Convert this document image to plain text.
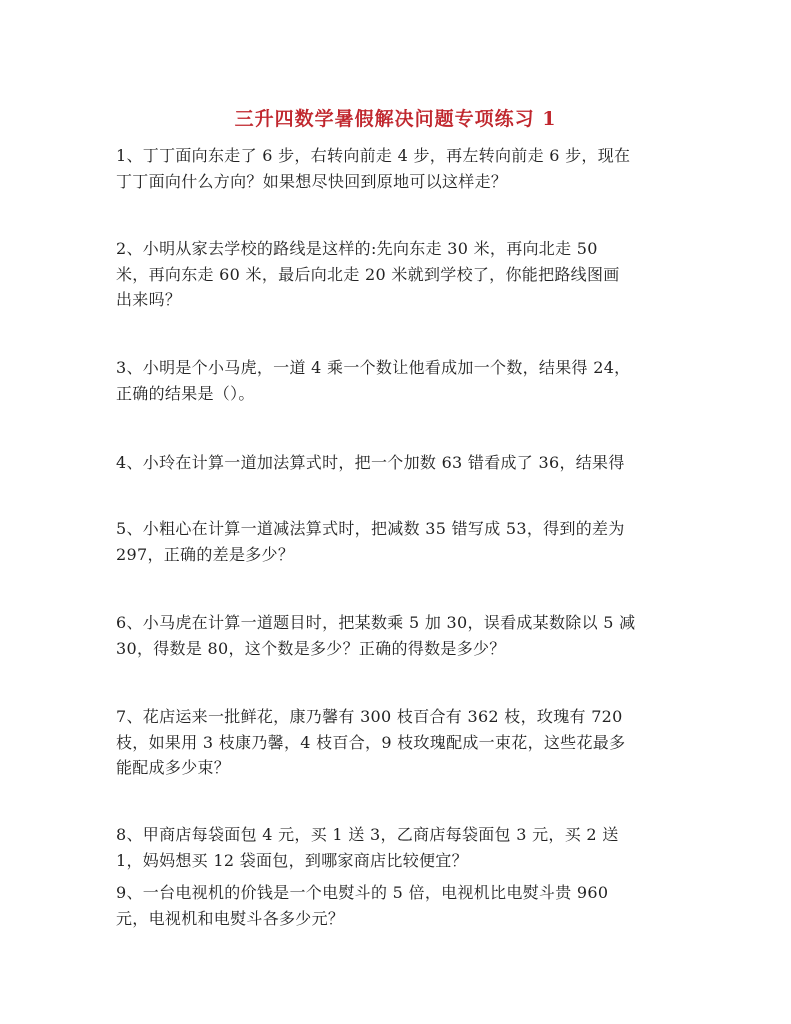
三升四数学暑假解决问题专项练习 1
1、丁丁面向东走了 6 步，右转向前走 4 步，再左转向前走 6 步，现在
丁丁面向什么方向？如果想尽快回到原地可以这样走？
2、小明从家去学校的路线是这样的:先向东走 30 米，再向北走 50
米，再向东走 60 米，最后向北走 20 米就到学校了，你能把路线图画
出来吗？
3、小明是个小马虎，一道 4 乘一个数让他看成加一个数，结果得 24，
正确的结果是（）。
4、小玲在计算一道加法算式时，把一个加数 63 错看成了 36，结果得
5、小粗心在计算一道减法算式时，把减数 35 错写成 53，得到的差为
297，正确的差是多少？
6、小马虎在计算一道题目时，把某数乘 5 加 30，误看成某数除以 5 减
30，得数是 80，这个数是多少？正确的得数是多少？
7、花店运来一批鲜花，康乃馨有 300 枝百合有 362 枝，玫瑰有 720
枝，如果用 3 枝康乃馨，4 枝百合，9 枝玫瑰配成一束花，这些花最多
能配成多少束？
8、甲商店每袋面包 4 元，买 1 送 3，乙商店每袋面包 3 元，买 2 送
1，妈妈想买 12 袋面包，到哪家商店比较便宜？
9、一台电视机的价钱是一个电熨斗的 5 倍，电视机比电熨斗贵 960
元，电视机和电熨斗各多少元？
